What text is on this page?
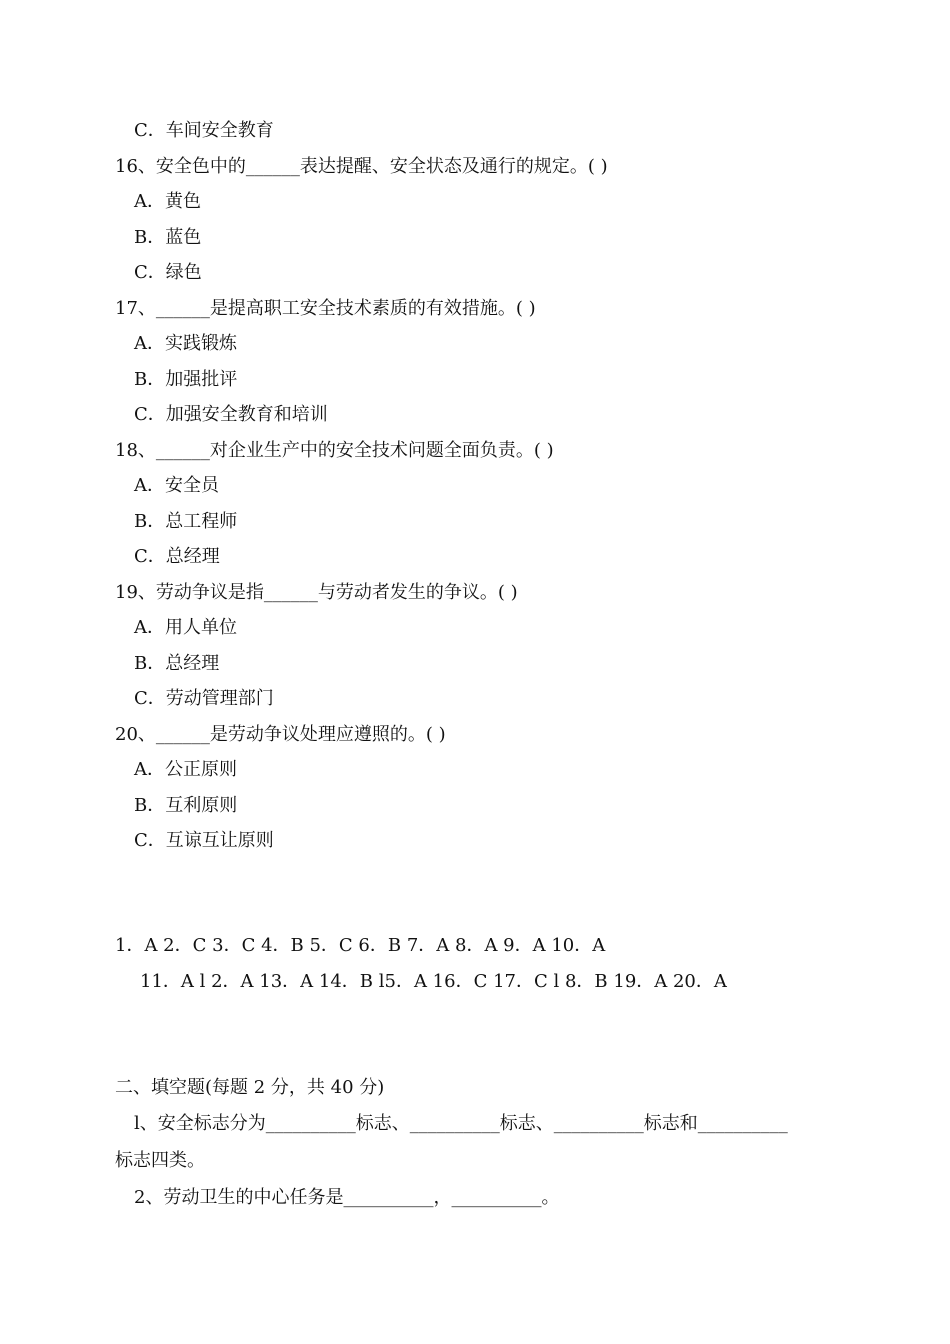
C．车间安全教育
16、安全色中的______表达提醒、安全状态及通行的规定。( )
A．黄色
B．蓝色
C．绿色
17、______是提高职工安全技术素质的有效措施。( )
A．实践锻炼
B．加强批评
C．加强安全教育和培训
18、______对企业生产中的安全技术问题全面负责。( )
A．安全员
B．总工程师
C．总经理
19、劳动争议是指______与劳动者发生的争议。( )
A．用人单位
B．总经理
C．劳动管理部门
20、______是劳动争议处理应遵照的。( )
A．公正原则
B．互利原则
C．互谅互让原则
1．A 2．C 3．C 4．B 5．C 6．B 7．A 8．A 9．A 10．A
11．A l 2．A 13．A 14．B l5．A 16．C 17．C l 8．B 19．A 20．A
二、填空题(每题 2 分，共 40 分)
l、安全标志分为__________标志、__________标志、__________标志和__________
标志四类。
2、劳动卫生的中心任务是__________，__________。
